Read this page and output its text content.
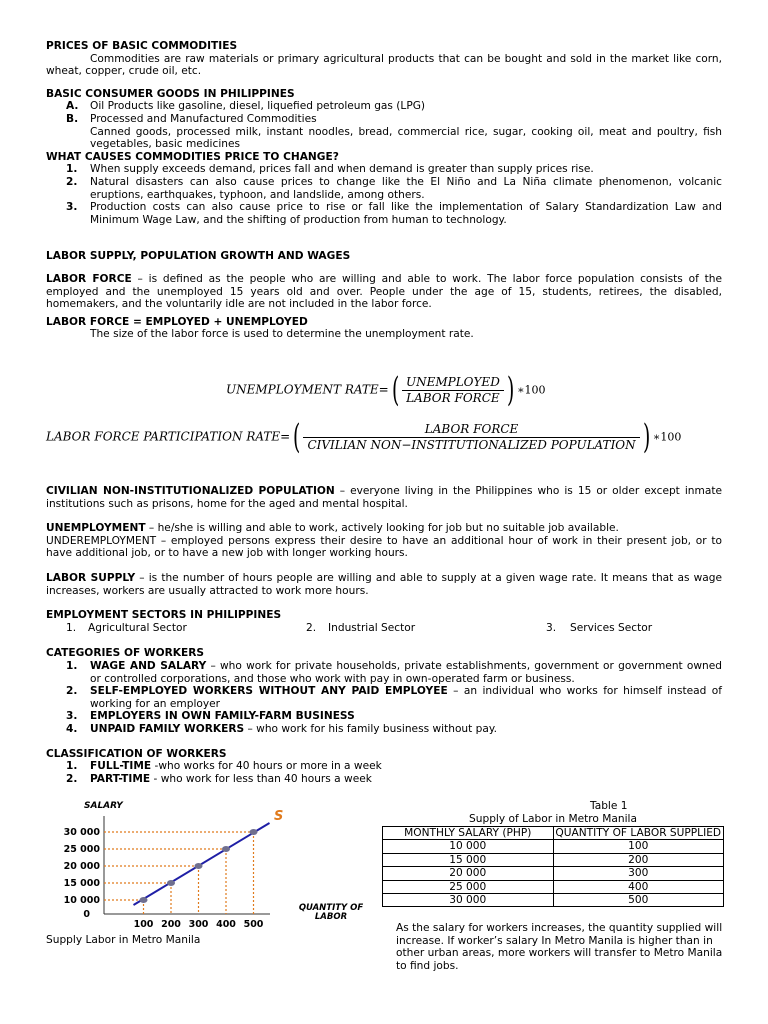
PRICES OF BASIC COMMODITIES

Commodities are raw materials or primary agricultural products that can be bought and sold in the market like corn, wheat, copper, crude oil, etc.

BASIC CONSUMER GOODS IN PHILIPPINES

A.	Oil Products like gasoline, diesel, liquefied petroleum gas (LPG)
B.	Processed and Manufactured Commodities

Canned goods, processed milk, instant noodles, bread, commercial rice, sugar, cooking oil, meat and poultry, fish vegetables, basic medicines

WHAT CAUSES COMMODITIES PRICE TO CHANGE?

1.	When supply exceeds demand, prices fall and when demand is greater than supply prices rise.
2.	Natural disasters can also cause prices to change like the El Niño and La Niña climate phenomenon, volcanic eruptions, earthquakes, typhoon, and landslide, among others.
3.	Production costs can also cause price to rise or fall like the implementation of Salary Standardization Law and Minimum Wage Law, and the shifting of production from human to technology.

LABOR SUPPLY, POPULATION GROWTH AND WAGES

LABOR FORCE – is defined as the people who are willing and able to work. The labor force population consists of the employed and the unemployed 15 years old and over. People under the age of 15, students, retirees, the disabled, homemakers, and the voluntarily idle are not included in the labor force.

LABOR FORCE = EMPLOYED + UNEMPLOYED

The size of the labor force is used to determine the unemployment rate.

UNEMPLOYMENT RATE=( $\frac{\text{UNEMPLOYED}}{\text{LABOR FORCE}}$ ) ∗100
LABOR FORCE PARTICIPATION RATE=( $\frac{\text{LABOR FORCE}}{\text{CIVILIAN NON−INSTITUTIONALIZED POPULATION}}$ ) ∗100

CIVILIAN NON-INSTITUTIONALIZED POPULATION – everyone living in the Philippines who is 15 or older except inmate institutions such as prisons, home for the aged and mental hospital.

UNEMPLOYMENT – he/she is willing and able to work, actively looking for job but no suitable job available.

UNDEREMPLOYMENT – employed persons express their desire to have an additional hour of work in their present job, or to have additional job, or to have a new job with longer working hours.

LABOR SUPPLY – is the number of hours people are willing and able to supply at a given wage rate. It means that as wage increases, workers are usually attracted to work more hours.

EMPLOYMENT SECTORS IN PHILIPPINES

1.	Agricultural Sector	2.	Industrial Sector	3.	Services Sector

CATEGORIES OF WORKERS

1.	WAGE AND SALARY – who work for private households, private establishments, government or government owned or controlled corporations, and those who work with pay in own-operated farm or business.
2.	SELF-EMPLOYED WORKERS WITHOUT ANY PAID EMPLOYEE – an individual who works for himself instead of working for an employer
3.	EMPLOYERS IN OWN FAMILY-FARM BUSINESS
4.	UNPAID FAMILY WORKERS – who work for his family business without pay.

CLASSIFICATION OF WORKERS

1.	FULL-TIME -who works for 40 hours or more in a week
2.	PART-TIME - who work for less than 40 hours a week
SALARY
QUANTITY OF LABOR
S
0
10 000
15 000
20 000
25 000
30 000
100 200 300 400 500
Supply Labor in Metro Manila
Table 1
Supply of Labor in Metro Manila
MONTHLY SALARY (PHP)	QUANTITY OF LABOR SUPPLIED
10 000	100
15 000	200
20 000	300
25 000	400
30 000	500
As the salary for workers increases, the quantity supplied will increase. If worker’s salary In Metro Manila is higher than in other urban areas, more workers will transfer to Metro Manila to find jobs.
